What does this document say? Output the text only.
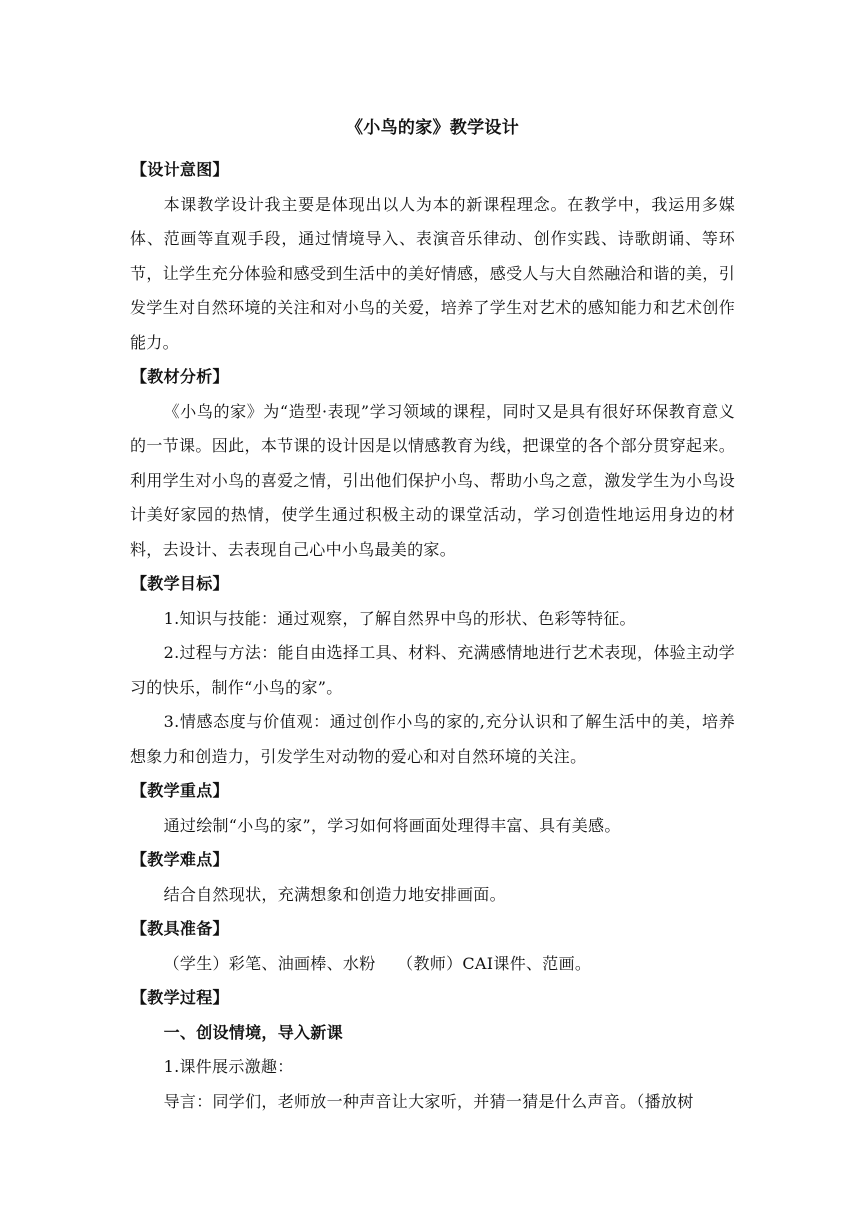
《小鸟的家》教学设计

【设计意图】

本课教学设计我主要是体现出以人为本的新课程理念。在教学中，我运用多媒体、范画等直观手段，通过情境导入、表演音乐律动、创作实践、诗歌朗诵、等环节，让学生充分体验和感受到生活中的美好情感，感受人与大自然融洽和谐的美，引发学生对自然环境的关注和对小鸟的关爱，培养了学生对艺术的感知能力和艺术创作能力。

【教材分析】

《小鸟的家》为“造型·表现”学习领域的课程，同时又是具有很好环保教育意义的一节课。因此，本节课的设计因是以情感教育为线，把课堂的各个部分贯穿起来。利用学生对小鸟的喜爱之情，引出他们保护小鸟、帮助小鸟之意，激发学生为小鸟设计美好家园的热情，使学生通过积极主动的课堂活动，学习创造性地运用身边的材料，去设计、去表现自己心中小鸟最美的家。

【教学目标】

1.知识与技能：通过观察，了解自然界中鸟的形状、色彩等特征。

2.过程与方法：能自由选择工具、材料、充满感情地进行艺术表现，体验主动学习的快乐，制作“小鸟的家”。

3.情感态度与价值观：通过创作小鸟的家的,充分认识和了解生活中的美，培养想象力和创造力，引发学生对动物的爱心和对自然环境的关注。

【教学重点】

通过绘制“小鸟的家”，学习如何将画面处理得丰富、具有美感。

【教学难点】

结合自然现状，充满想象和创造力地安排画面。

【教具准备】

（学生）彩笔、油画棒、水粉　 （教师）CAI课件、范画。

【教学过程】

一、创设情境，导入新课

1.课件展示激趣：

导言：同学们，老师放一种声音让大家听，并猜一猜是什么声音。（播放树
